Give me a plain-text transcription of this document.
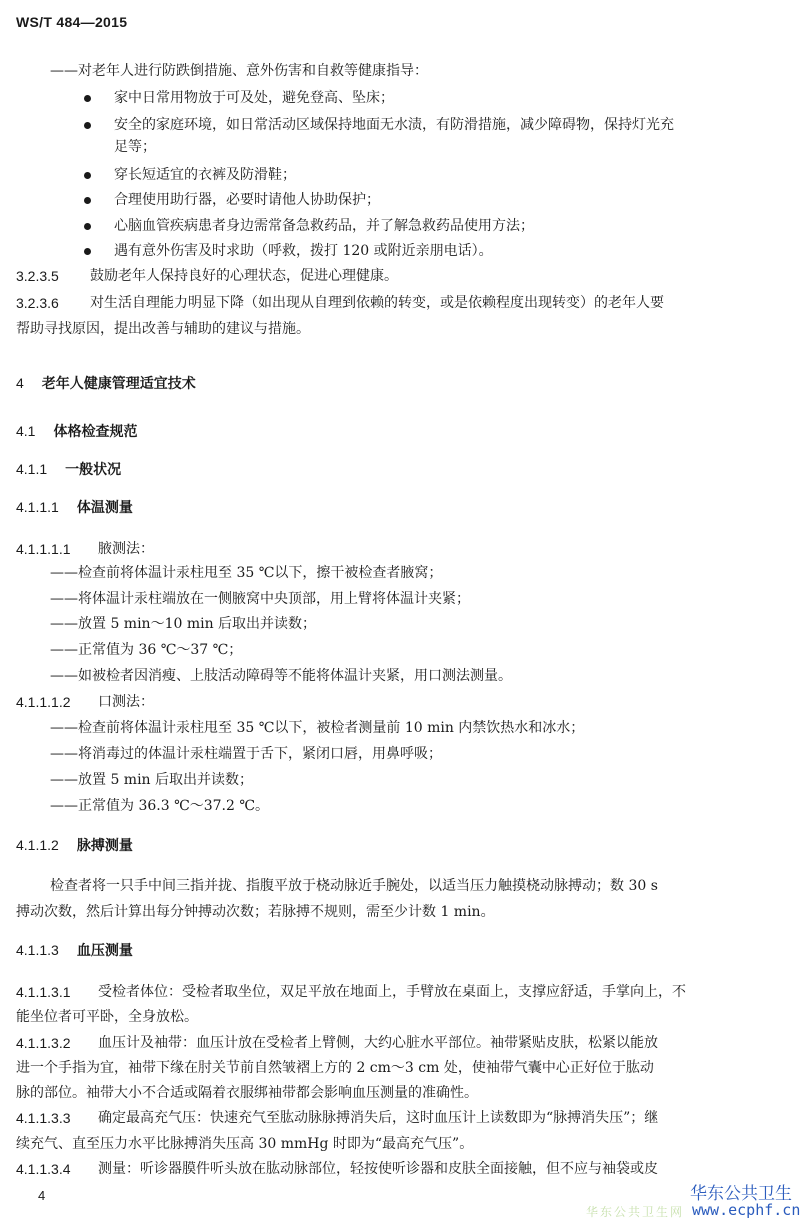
WS/T 484—2015
——对老年人进行防跌倒措施、意外伤害和自救等健康指导：
家中日常用物放于可及处，避免登高、坠床；
安全的家庭环境，如日常活动区域保持地面无水渍，有防滑措施，减少障碍物，保持灯光充
足等；
穿长短适宜的衣裤及防滑鞋；
合理使用助行器，必要时请他人协助保护；
心脑血管疾病患者身边需常备急救药品，并了解急救药品使用方法；
遇有意外伤害及时求助（呼救，拨打 120 或附近亲朋电话）。
3.2.3.5 鼓励老年人保持良好的心理状态，促进心理健康。
3.2.3.6 对生活自理能力明显下降（如出现从自理到依赖的转变，或是依赖程度出现转变）的老年人要
帮助寻找原因，提出改善与辅助的建议与措施。
4 老年人健康管理适宜技术
4.1 体格检查规范
4.1.1 一般状况
4.1.1.1 体温测量
4.1.1.1.1 腋测法：
——检查前将体温计汞柱甩至 35 ℃以下，擦干被检查者腋窝；
——将体温计汞柱端放在一侧腋窝中央顶部，用上臂将体温计夹紧；
——放置 5 min～10 min 后取出并读数；
——正常值为 36 ℃～37 ℃；
——如被检者因消瘦、上肢活动障碍等不能将体温计夹紧，用口测法测量。
4.1.1.1.2 口测法：
——检查前将体温计汞柱甩至 35 ℃以下，被检者测量前 10 min 内禁饮热水和冰水；
——将消毒过的体温计汞柱端置于舌下，紧闭口唇，用鼻呼吸；
——放置 5 min 后取出并读数；
——正常值为 36.3 ℃～37.2 ℃。
4.1.1.2 脉搏测量
检查者将一只手中间三指并拢、指腹平放于桡动脉近手腕处，以适当压力触摸桡动脉搏动；数 30 s
搏动次数，然后计算出每分钟搏动次数；若脉搏不规则，需至少计数 1 min。
4.1.1.3 血压测量
4.1.1.3.1 受检者体位：受检者取坐位，双足平放在地面上，手臂放在桌面上，支撑应舒适，手掌向上，不
能坐位者可平卧，全身放松。
4.1.1.3.2 血压计及袖带：血压计放在受检者上臂侧，大约心脏水平部位。袖带紧贴皮肤，松紧以能放
进一个手指为宜，袖带下缘在肘关节前自然皱褶上方的 2 cm～3 cm 处，使袖带气囊中心正好位于肱动
脉的部位。袖带大小不合适或隔着衣服绑袖带都会影响血压测量的准确性。
4.1.1.3.3 确定最高充气压：快速充气至肱动脉脉搏消失后，这时血压计上读数即为“脉搏消失压”；继
续充气、直至压力水平比脉搏消失压高 30 mmHg 时即为“最高充气压”。
4.1.1.3.4 测量：听诊器膜件听头放在肱动脉部位，轻按使听诊器和皮肤全面接触，但不应与袖袋或皮
4
华东公共卫生网
华东公共卫生
www.ecphf.cn
